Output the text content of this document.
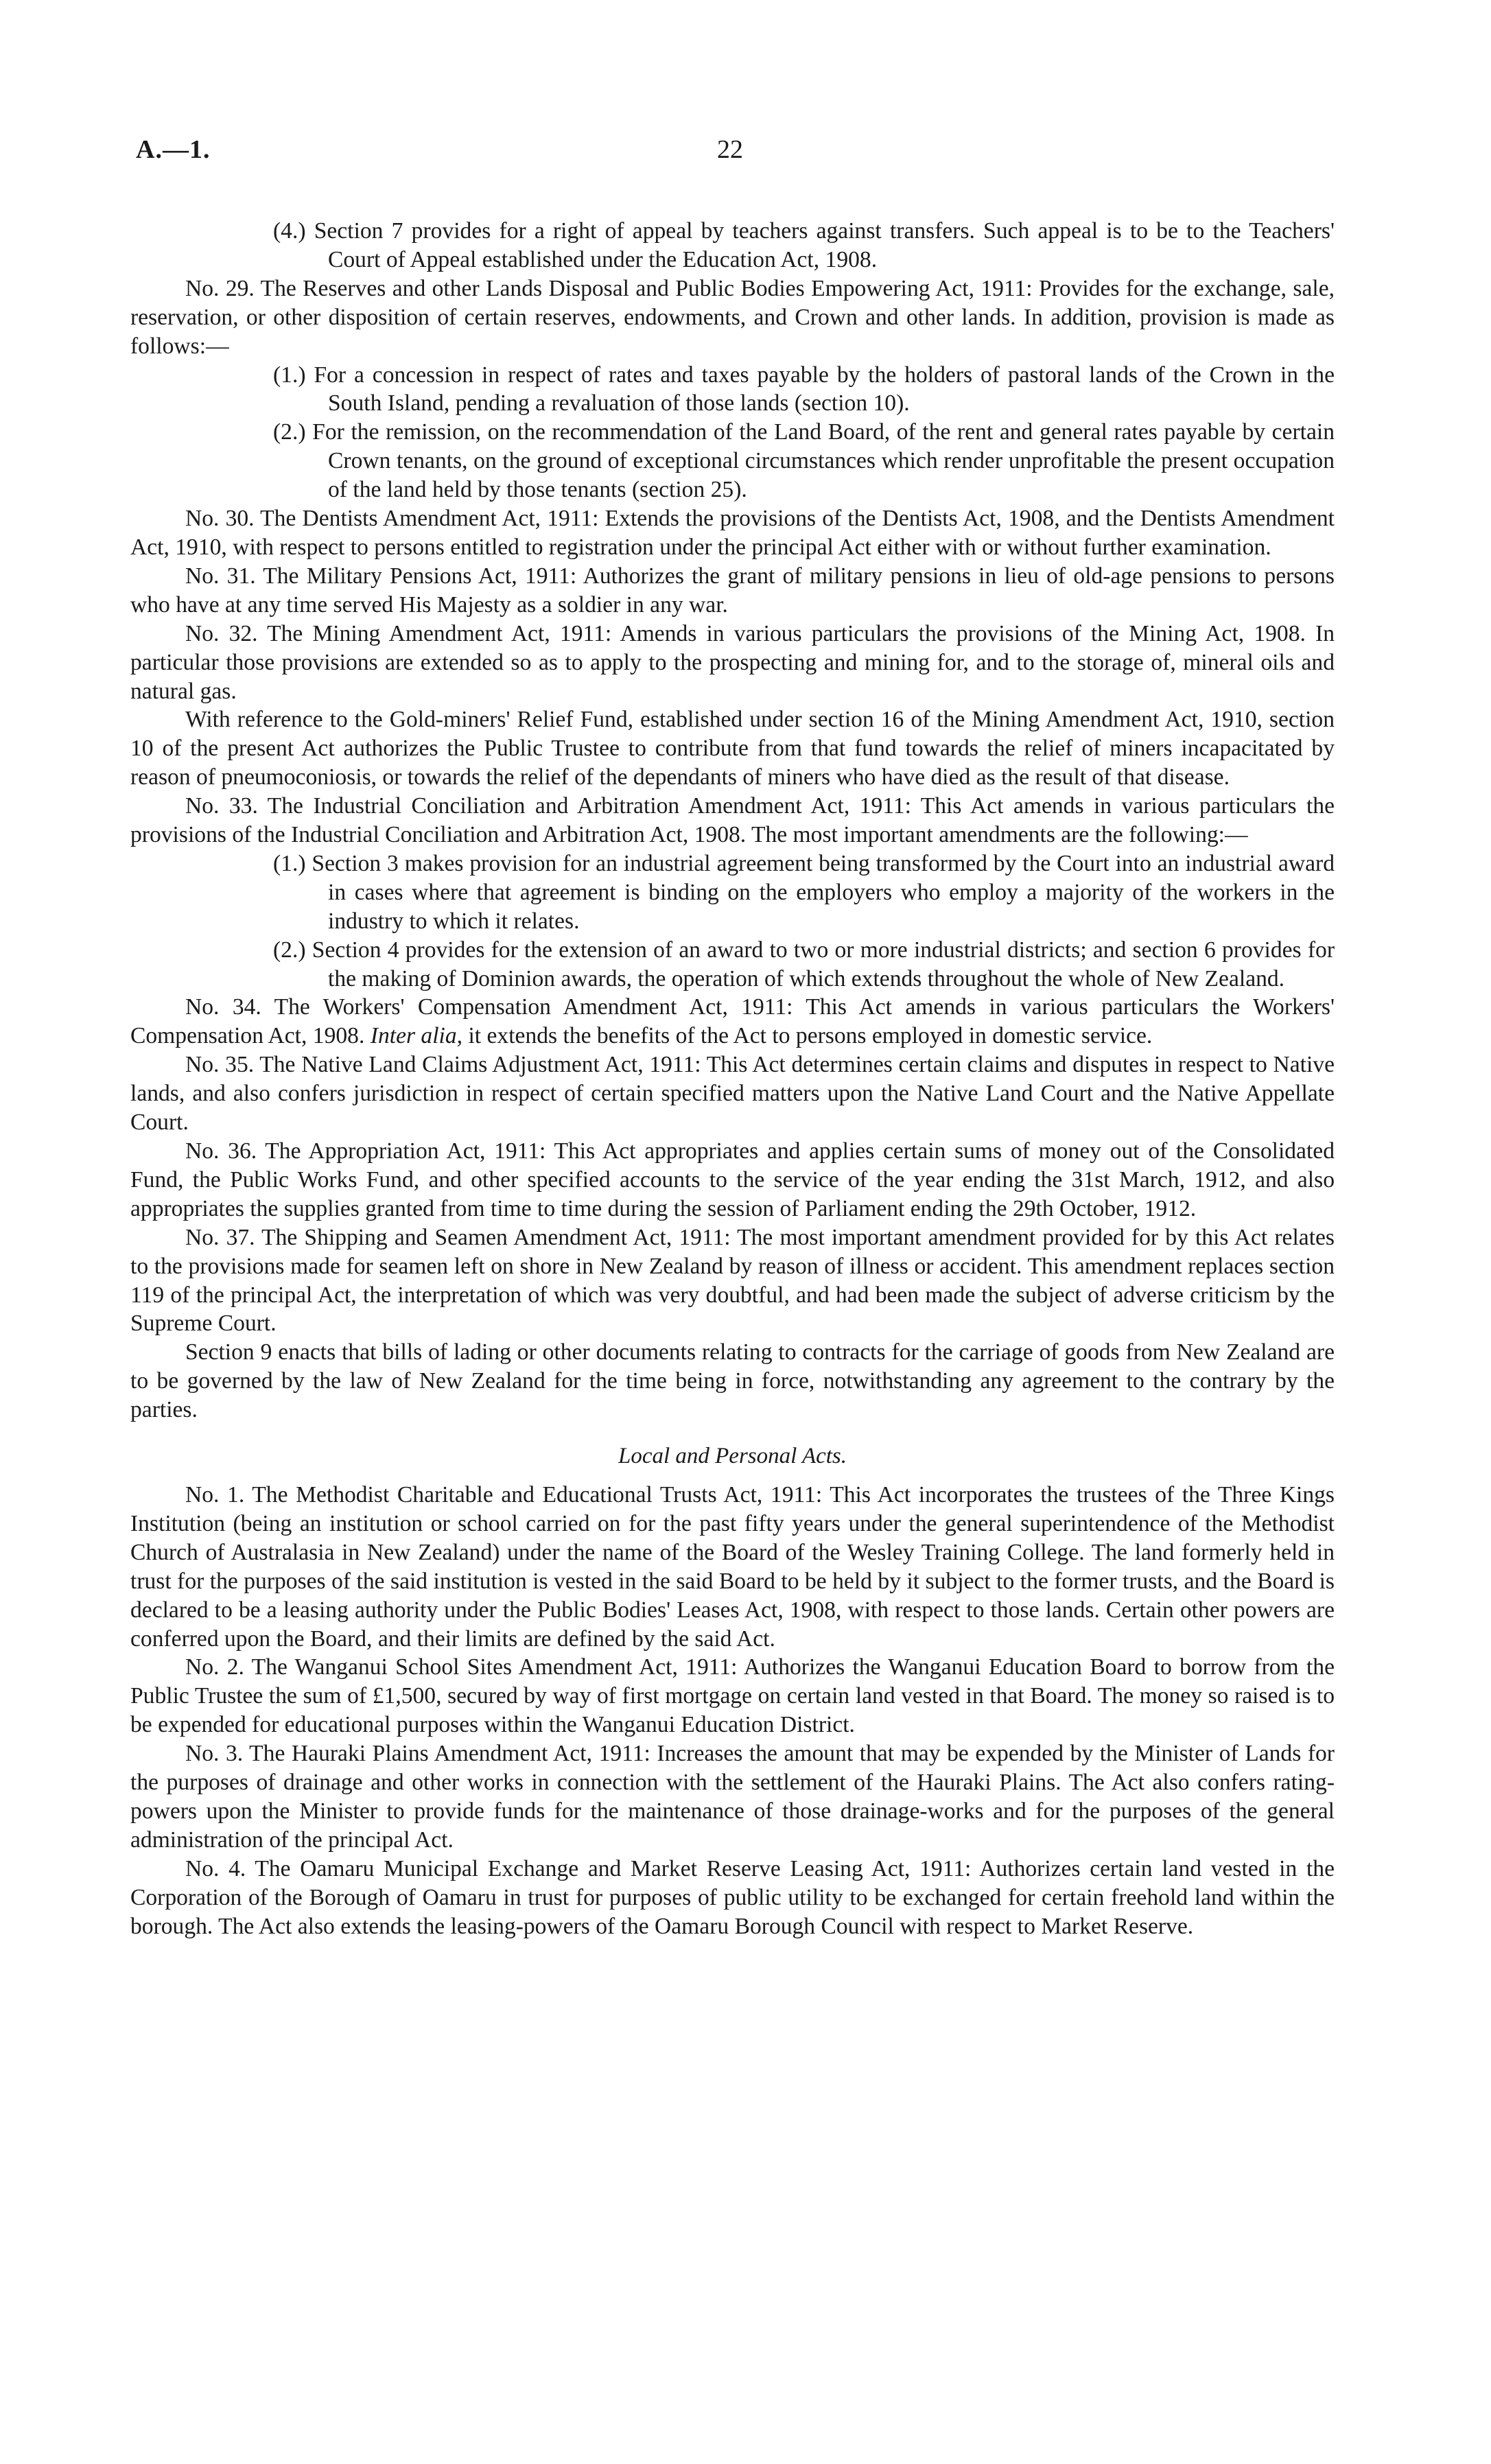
A.—1.	22

(4.) Section 7 provides for a right of appeal by teachers against transfers. Such appeal is to be to the Teachers' Court of Appeal established under the Education Act, 1908.

No. 29. The Reserves and other Lands Disposal and Public Bodies Empowering Act, 1911: Provides for the exchange, sale, reservation, or other disposition of certain reserves, endowments, and Crown and other lands. In addition, provision is made as follows:—

(1.) For a concession in respect of rates and taxes payable by the holders of pastoral lands of the Crown in the South Island, pending a revaluation of those lands (section 10).

(2.) For the remission, on the recommendation of the Land Board, of the rent and general rates payable by certain Crown tenants, on the ground of exceptional circumstances which render unprofitable the present occupation of the land held by those tenants (section 25).

No. 30. The Dentists Amendment Act, 1911: Extends the provisions of the Dentists Act, 1908, and the Dentists Amendment Act, 1910, with respect to persons entitled to registration under the principal Act either with or without further examination.

No. 31. The Military Pensions Act, 1911: Authorizes the grant of military pensions in lieu of old-age pensions to persons who have at any time served His Majesty as a soldier in any war.

No. 32. The Mining Amendment Act, 1911: Amends in various particulars the provisions of the Mining Act, 1908. In particular those provisions are extended so as to apply to the prospecting and mining for, and to the storage of, mineral oils and natural gas.

With reference to the Gold-miners' Relief Fund, established under section 16 of the Mining Amendment Act, 1910, section 10 of the present Act authorizes the Public Trustee to contribute from that fund towards the relief of miners incapacitated by reason of pneumoconiosis, or towards the relief of the dependants of miners who have died as the result of that disease.

No. 33. The Industrial Conciliation and Arbitration Amendment Act, 1911: This Act amends in various particulars the provisions of the Industrial Conciliation and Arbitration Act, 1908. The most important amendments are the following:—

(1.) Section 3 makes provision for an industrial agreement being transformed by the Court into an industrial award in cases where that agreement is binding on the employers who employ a majority of the workers in the industry to which it relates.

(2.) Section 4 provides for the extension of an award to two or more industrial districts; and section 6 provides for the making of Dominion awards, the operation of which extends throughout the whole of New Zealand.

No. 34. The Workers' Compensation Amendment Act, 1911: This Act amends in various particulars the Workers' Compensation Act, 1908. Inter alia, it extends the benefits of the Act to persons employed in domestic service.

No. 35. The Native Land Claims Adjustment Act, 1911: This Act determines certain claims and disputes in respect to Native lands, and also confers jurisdiction in respect of certain specified matters upon the Native Land Court and the Native Appellate Court.

No. 36. The Appropriation Act, 1911: This Act appropriates and applies certain sums of money out of the Consolidated Fund, the Public Works Fund, and other specified accounts to the service of the year ending the 31st March, 1912, and also appropriates the supplies granted from time to time during the session of Parliament ending the 29th October, 1912.

No. 37. The Shipping and Seamen Amendment Act, 1911: The most important amendment provided for by this Act relates to the provisions made for seamen left on shore in New Zealand by reason of illness or accident. This amendment replaces section 119 of the principal Act, the interpretation of which was very doubtful, and had been made the subject of adverse criticism by the Supreme Court.

Section 9 enacts that bills of lading or other documents relating to contracts for the carriage of goods from New Zealand are to be governed by the law of New Zealand for the time being in force, notwithstanding any agreement to the contrary by the parties.

Local and Personal Acts.

No. 1. The Methodist Charitable and Educational Trusts Act, 1911: This Act incorporates the trustees of the Three Kings Institution (being an institution or school carried on for the past fifty years under the general superintendence of the Methodist Church of Australasia in New Zealand) under the name of the Board of the Wesley Training College. The land formerly held in trust for the purposes of the said institution is vested in the said Board to be held by it subject to the former trusts, and the Board is declared to be a leasing authority under the Public Bodies' Leases Act, 1908, with respect to those lands. Certain other powers are conferred upon the Board, and their limits are defined by the said Act.

No. 2. The Wanganui School Sites Amendment Act, 1911: Authorizes the Wanganui Education Board to borrow from the Public Trustee the sum of £1,500, secured by way of first mortgage on certain land vested in that Board. The money so raised is to be expended for educational purposes within the Wanganui Education District.

No. 3. The Hauraki Plains Amendment Act, 1911: Increases the amount that may be expended by the Minister of Lands for the purposes of drainage and other works in connection with the settlement of the Hauraki Plains. The Act also confers rating-powers upon the Minister to provide funds for the maintenance of those drainage-works and for the purposes of the general administration of the principal Act.

No. 4. The Oamaru Municipal Exchange and Market Reserve Leasing Act, 1911: Authorizes certain land vested in the Corporation of the Borough of Oamaru in trust for purposes of public utility to be exchanged for certain freehold land within the borough. The Act also extends the leasing-powers of the Oamaru Borough Council with respect to Market Reserve.
